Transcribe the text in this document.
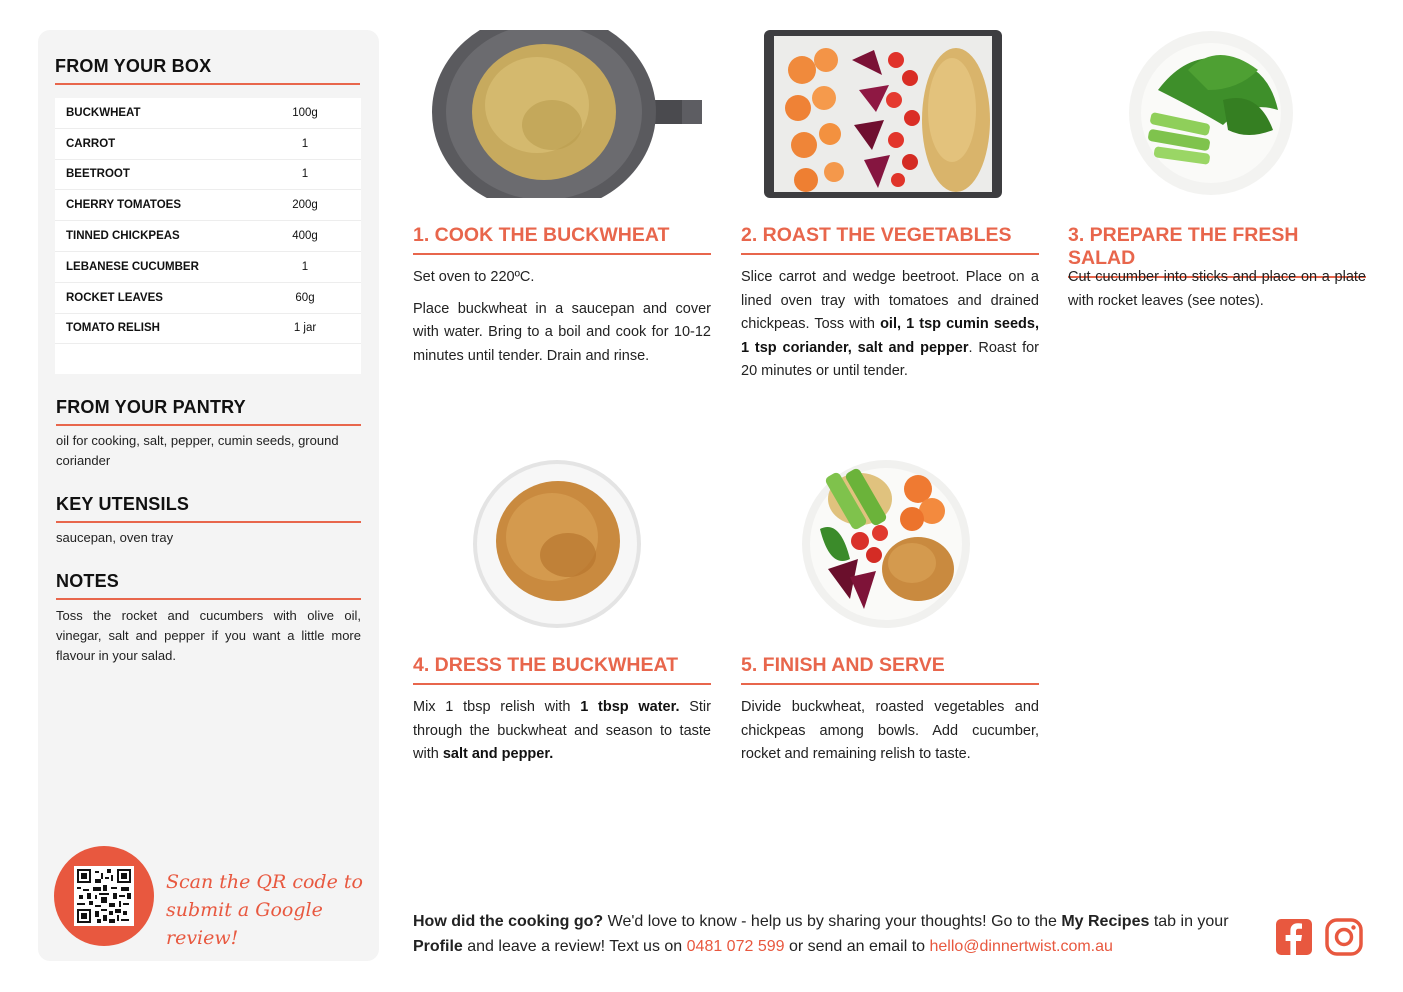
FROM YOUR BOX
BUCKWHEAT	100g
CARROT	1
BEETROOT	1
CHERRY TOMATOES	200g
TINNED CHICKPEAS	400g
LEBANESE CUCUMBER	1
ROCKET LEAVES	60g
TOMATO RELISH	1 jar
FROM YOUR PANTRY
oil for cooking, salt, pepper, cumin seeds, ground coriander
KEY UTENSILS
saucepan, oven tray
NOTES
Toss the rocket and cucumbers with olive oil, vinegar, salt and pepper if you want a little more flavour in your salad.
Scan the QR code to
submit a Google review!
1. COOK THE BUCKWHEAT

Set oven to 220ºC.

Place buckwheat in a saucepan and cover with water. Bring to a boil and cook for 10-12 minutes until tender. Drain and rinse.

2. ROAST THE VEGETABLES

Slice carrot and wedge beetroot. Place on a lined oven tray with tomatoes and drained chickpeas. Toss with oil, 1 tsp cumin seeds, 1 tsp coriander, salt and pepper. Roast for 20 minutes or until tender.

3. PREPARE THE FRESH SALAD

Cut cucumber into sticks and place on a plate with rocket leaves (see notes).

4. DRESS THE BUCKWHEAT

Mix 1 tbsp relish with 1 tbsp water. Stir through the buckwheat and season to taste with salt and pepper.

5. FINISH AND SERVE

Divide buckwheat, roasted vegetables and chickpeas among bowls. Add cucumber, rocket and remaining relish to taste.

How did the cooking go? We'd love to know - help us by sharing your thoughts! Go to the My Recipes tab in your Profile and leave a review! Text us on 0481 072 599 or send an email to hello@dinnertwist.com.au
